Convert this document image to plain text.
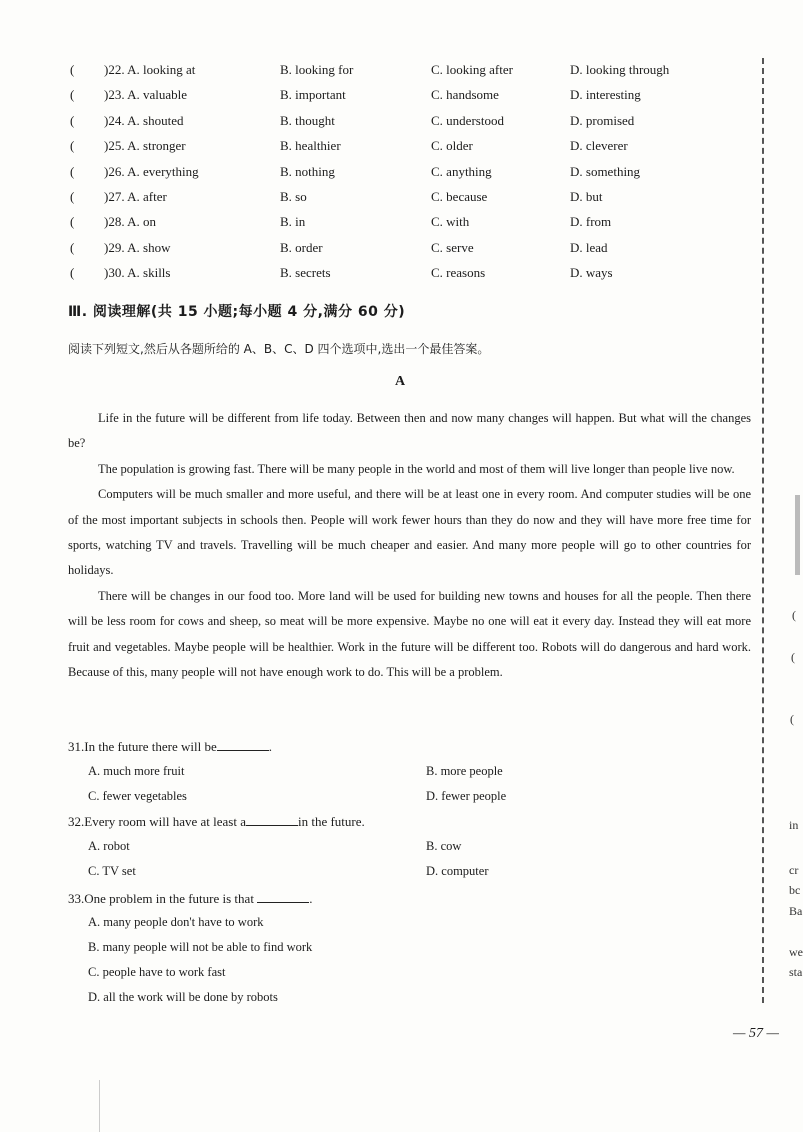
( )22. A. looking at	B. looking for	C. looking after	D. looking through
( )23. A. valuable	B. important	C. handsome	D. interesting
( )24. A. shouted	B. thought	C. understood	D. promised
( )25. A. stronger	B. healthier	C. older	D. cleverer
( )26. A. everything	B. nothing	C. anything	D. something
( )27. A. after	B. so	C. because	D. but
( )28. A. on	B. in	C. with	D. from
( )29. A. show	B. order	C. serve	D. lead
( )30. A. skills	B. secrets	C. reasons	D. ways
Ⅲ. 阅读理解(共 15 小题;每小题 4 分,满分 60 分)
阅读下列短文,然后从各题所给的 A、B、C、D 四个选项中,选出一个最佳答案。
A

Life in the future will be different from life today. Between then and now many changes will happen. But what will the changes be?

The population is growing fast. There will be many people in the world and most of them will live longer than people live now.

Computers will be much smaller and more useful, and there will be at least one in every room. And computer studies will be one of the most important subjects in schools then. People will work fewer hours than they do now and they will have more free time for sports, watching TV and travels. Travelling will be much cheaper and easier. And many more people will go to other countries for holidays.

There will be changes in our food too. More land will be used for building new towns and houses for all the people. Then there will be less room for cows and sheep, so meat will be more expensive. Maybe no one will eat it every day. Instead they will eat more fruit and vegetables. Maybe people will be healthier. Work in the future will be different too. Robots will do dangerous and hard work. Because of this, many people will not have enough work to do. This will be a problem.

31.In the future there will be	.
A. much more fruit	B. more people
C. fewer vegetables	D. fewer people
32.Every room will have at least a	in the future.
A. robot	B. cow
C. TV set	D. computer
33.One problem in the future is that	.
A. many people don't have to work
B. many people will not be able to find work
C. people have to work fast
D. all the work will be done by robots
(
(
(
in
cr
bc
Ba
we
sta
— 57 —
